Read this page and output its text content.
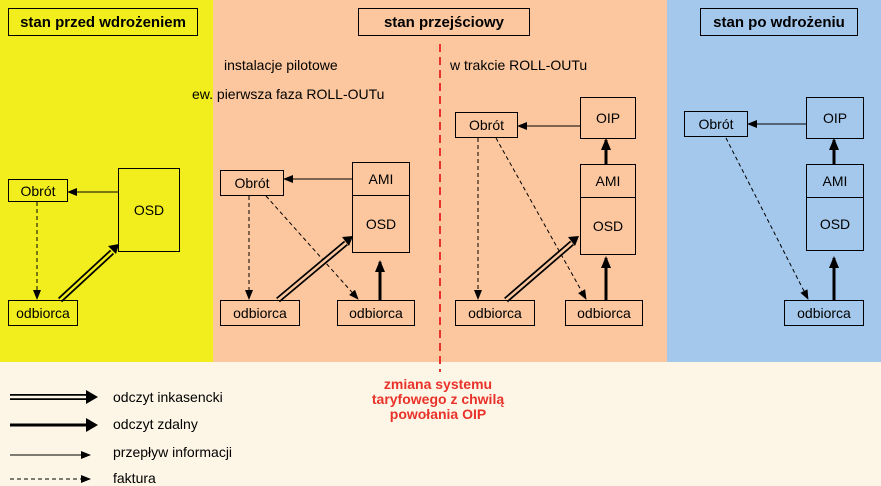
stan przed wdrożeniem	stan przejściowy	stan po wdrożeniu
instalacje pilotowe
ew. pierwsza faza ROLL-OUTu
w trakcie ROLL-OUTu
Obrót
OSD
odbiorca
Obrót	AMI
OSD
odbiorca	odbiorca
Obrót	OIP
AMI
OSD
odbiorca	odbiorca
Obrót	OIP
AMI
OSD
odbiorca
zmiana systemu
taryfowego z chwilą
powołania OIP
odczyt inkasencki
odczyt zdalny
przepływ informacji
faktura
